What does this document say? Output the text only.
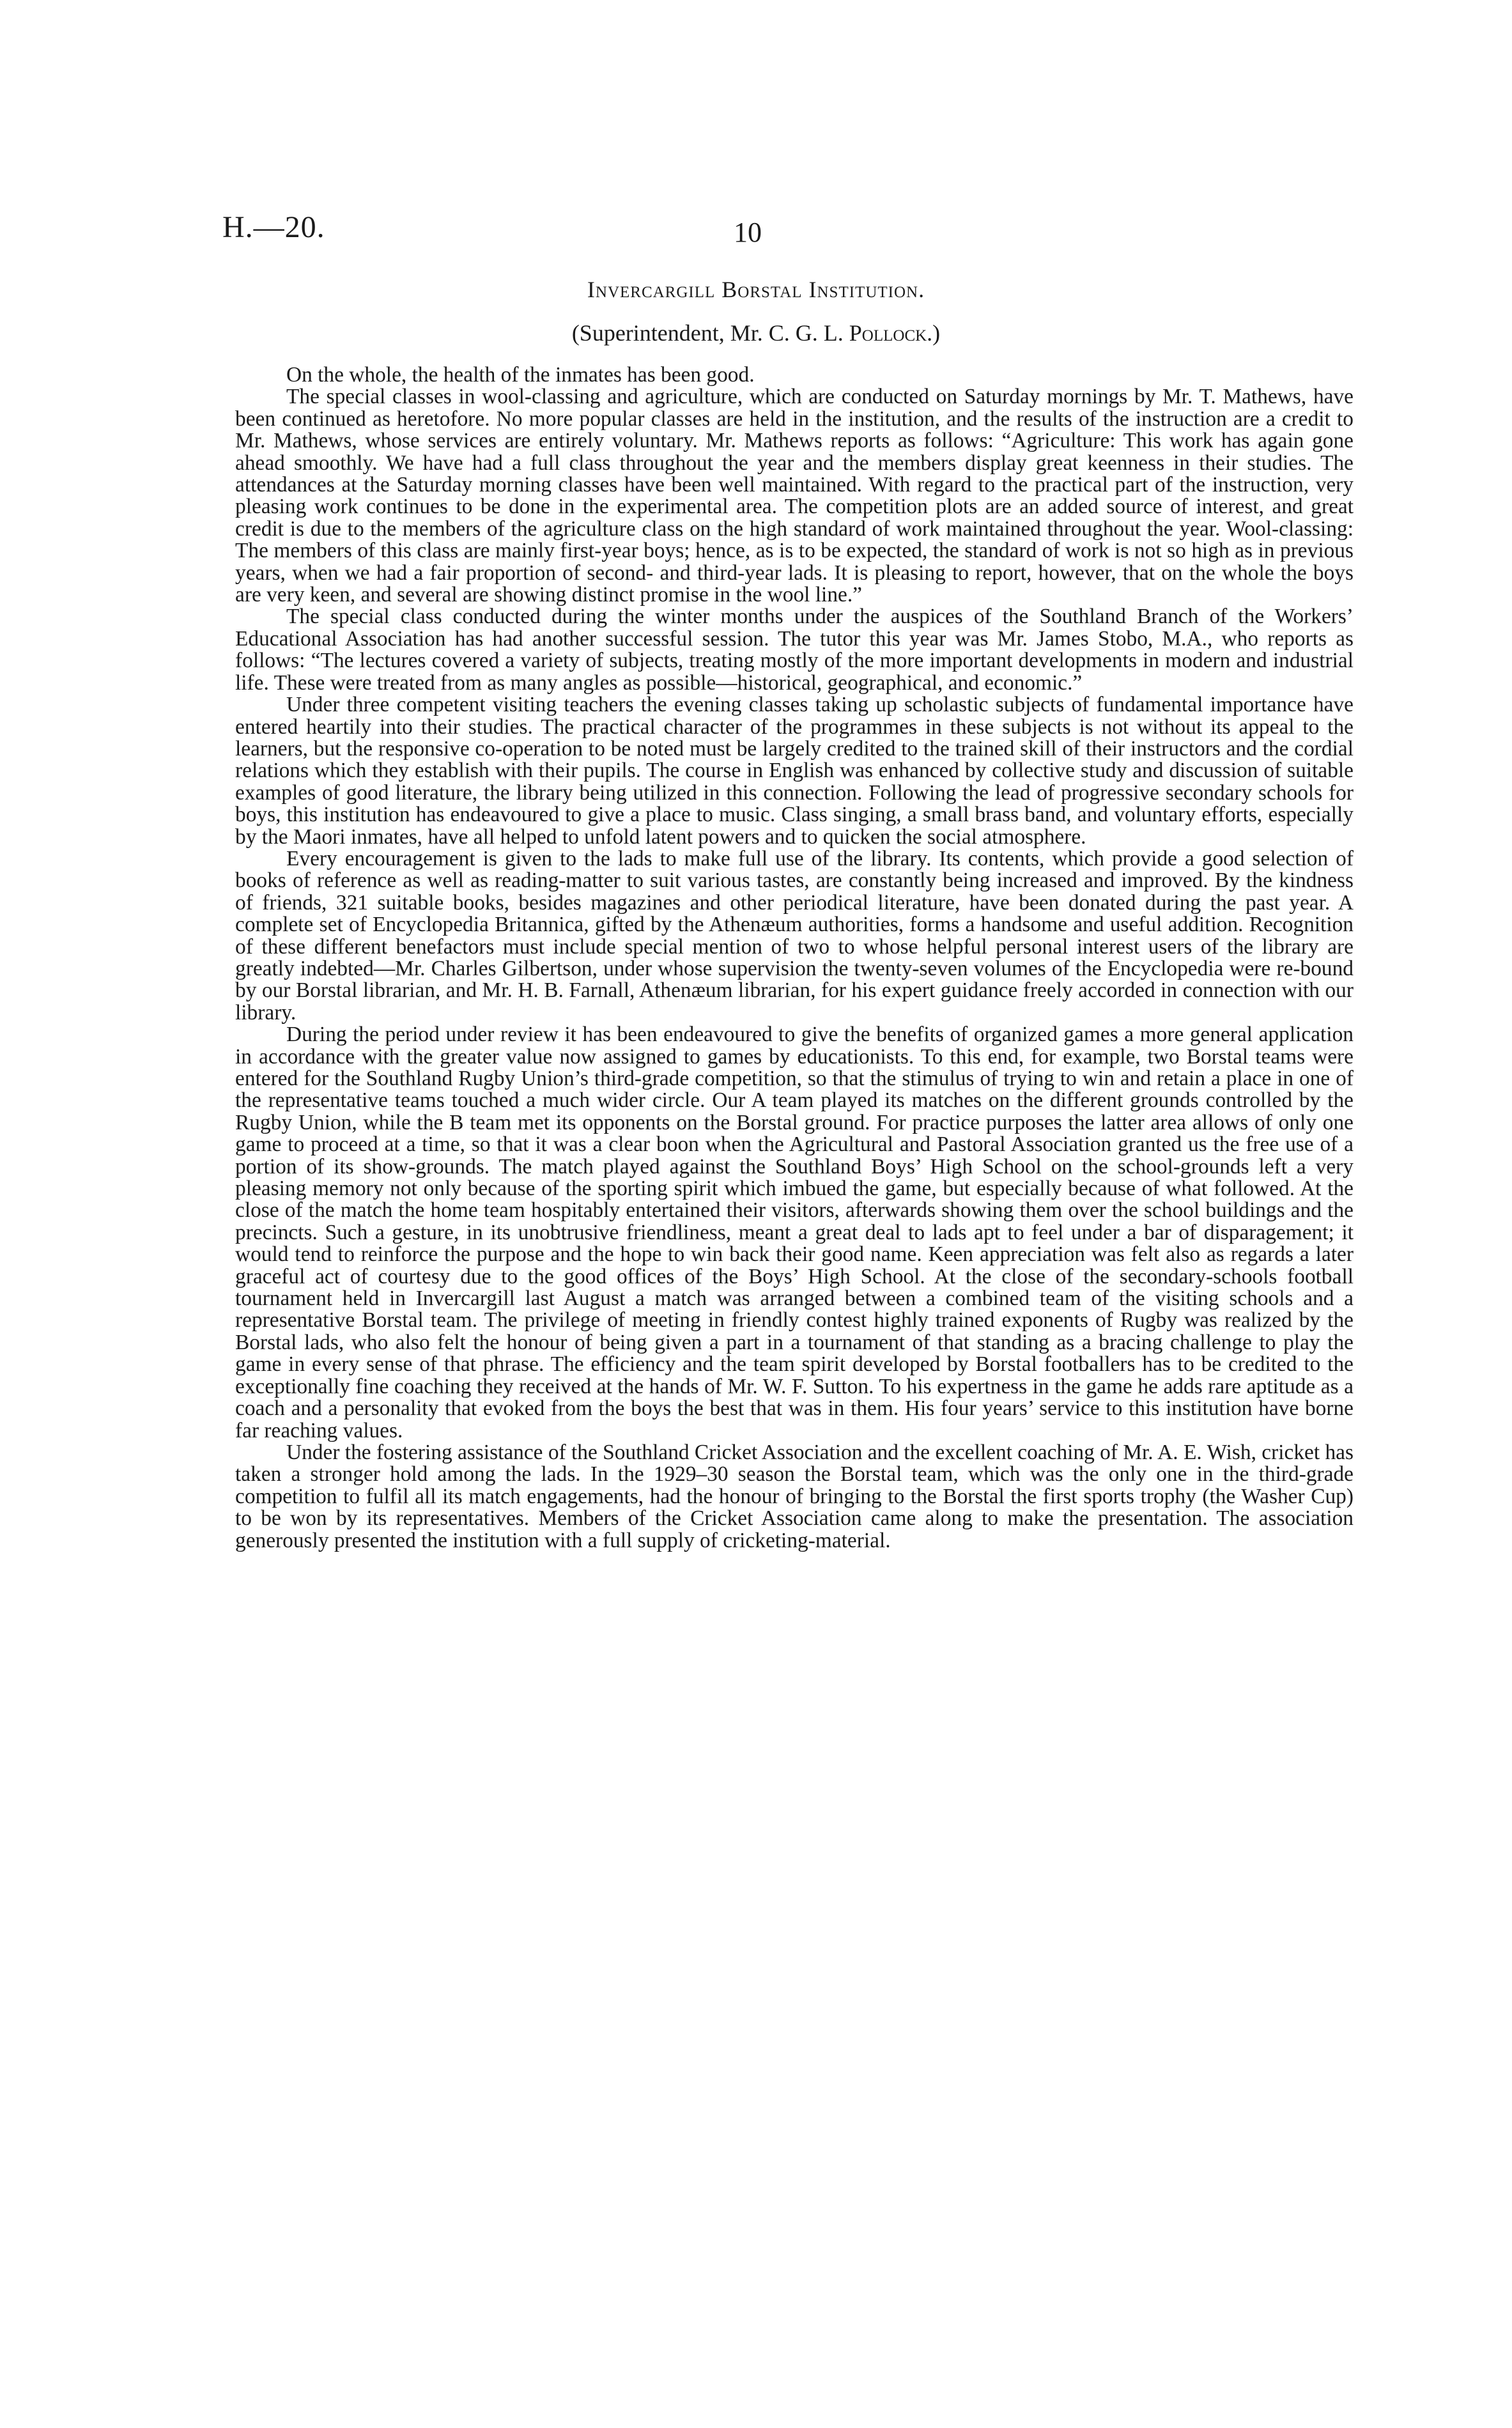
H.—20.	10
Invercargill Borstal Institution.
(Superintendent, Mr. C. G. L. Pollock.)

On the whole, the health of the inmates has been good.

The special classes in wool-classing and agriculture, which are conducted on Saturday mornings by Mr. T. Mathews, have been continued as heretofore. No more popular classes are held in the institution, and the results of the instruction are a credit to Mr. Mathews, whose services are entirely voluntary. Mr. Mathews reports as follows: “Agriculture: This work has again gone ahead smoothly. We have had a full class throughout the year and the members display great keenness in their studies. The attendances at the Saturday morning classes have been well maintained. With regard to the practical part of the instruction, very pleasing work continues to be done in the experimental area. The competition plots are an added source of interest, and great credit is due to the members of the agriculture class on the high standard of work maintained throughout the year. Wool-classing: The members of this class are mainly first-year boys; hence, as is to be expected, the standard of work is not so high as in previous years, when we had a fair proportion of second- and third-year lads. It is pleasing to report, however, that on the whole the boys are very keen, and several are showing distinct promise in the wool line.”

The special class conducted during the winter months under the auspices of the Southland Branch of the Workers’ Educational Association has had another successful session. The tutor this year was Mr. James Stobo, M.A., who reports as follows: “The lectures covered a variety of subjects, treating mostly of the more important developments in modern and industrial life. These were treated from as many angles as possible—historical, geographical, and economic.”

Under three competent visiting teachers the evening classes taking up scholastic subjects of fundamental importance have entered heartily into their studies. The practical character of the programmes in these subjects is not without its appeal to the learners, but the responsive co-operation to be noted must be largely credited to the trained skill of their instructors and the cordial relations which they establish with their pupils. The course in English was enhanced by collective study and discussion of suitable examples of good literature, the library being utilized in this connection. Following the lead of progressive secondary schools for boys, this institution has endeavoured to give a place to music. Class singing, a small brass band, and voluntary efforts, especially by the Maori inmates, have all helped to unfold latent powers and to quicken the social atmosphere.

Every encouragement is given to the lads to make full use of the library. Its contents, which provide a good selection of books of reference as well as reading-matter to suit various tastes, are constantly being increased and improved. By the kindness of friends, 321 suitable books, besides magazines and other periodical literature, have been donated during the past year. A complete set of Encyclopedia Britannica, gifted by the Athenæum authorities, forms a handsome and useful addition. Recognition of these different benefactors must include special mention of two to whose helpful personal interest users of the library are greatly indebted—Mr. Charles Gilbertson, under whose supervision the twenty-seven volumes of the Encyclopedia were re-bound by our Borstal librarian, and Mr. H. B. Farnall, Athenæum librarian, for his expert guidance freely accorded in connection with our library.

During the period under review it has been endeavoured to give the benefits of organized games a more general application in accordance with the greater value now assigned to games by educationists. To this end, for example, two Borstal teams were entered for the Southland Rugby Union’s third-grade competition, so that the stimulus of trying to win and retain a place in one of the representative teams touched a much wider circle. Our A team played its matches on the different grounds controlled by the Rugby Union, while the B team met its opponents on the Borstal ground. For practice purposes the latter area allows of only one game to proceed at a time, so that it was a clear boon when the Agricultural and Pastoral Association granted us the free use of a portion of its show-grounds. The match played against the Southland Boys’ High School on the school-grounds left a very pleasing memory not only because of the sporting spirit which imbued the game, but especially because of what followed. At the close of the match the home team hospitably entertained their visitors, afterwards showing them over the school buildings and the precincts. Such a gesture, in its unobtrusive friendliness, meant a great deal to lads apt to feel under a bar of disparagement; it would tend to reinforce the purpose and the hope to win back their good name. Keen appreciation was felt also as regards a later graceful act of courtesy due to the good offices of the Boys’ High School. At the close of the secondary-schools football tournament held in Invercargill last August a match was arranged between a combined team of the visiting schools and a representative Borstal team. The privilege of meeting in friendly contest highly trained exponents of Rugby was realized by the Borstal lads, who also felt the honour of being given a part in a tournament of that standing as a bracing challenge to play the game in every sense of that phrase. The efficiency and the team spirit developed by Borstal footballers has to be credited to the exceptionally fine coaching they received at the hands of Mr. W. F. Sutton. To his expertness in the game he adds rare aptitude as a coach and a personality that evoked from the boys the best that was in them. His four years’ service to this institution have borne far reaching values.

Under the fostering assistance of the Southland Cricket Association and the excellent coaching of Mr. A. E. Wish, cricket has taken a stronger hold among the lads. In the 1929–30 season the Borstal team, which was the only one in the third-grade competition to fulfil all its match engagements, had the honour of bringing to the Borstal the first sports trophy (the Washer Cup) to be won by its representatives. Members of the Cricket Association came along to make the presentation. The association generously presented the institution with a full supply of cricketing-material.
